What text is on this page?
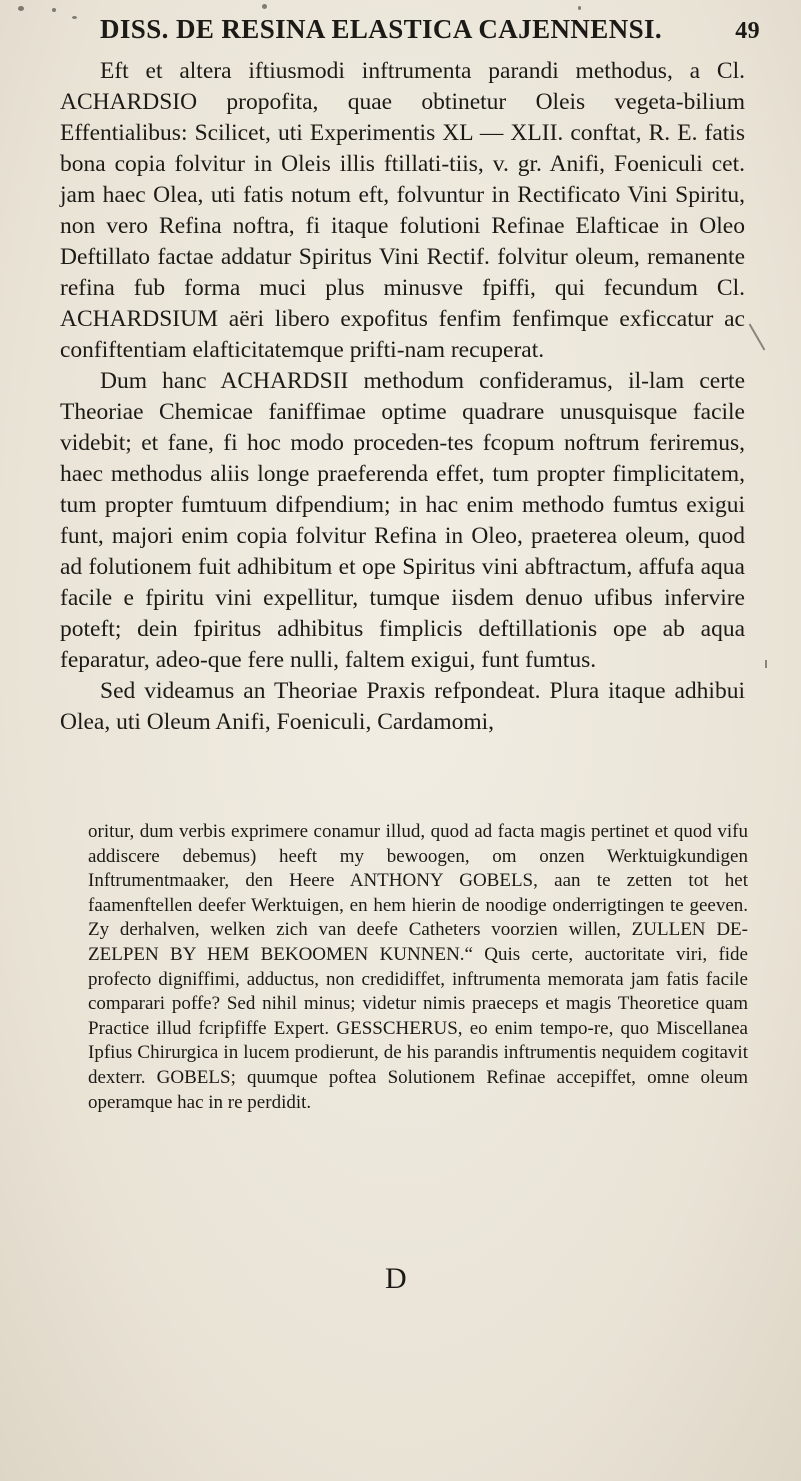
DISS. DE RESINA ELASTICA CAJENNENSI.	49

Eft et altera iftiusmodi inftrumenta parandi methodus, a Cl. ACHARDSIO propofita, quae obtinetur Oleis vegeta-bilium Effentialibus: Scilicet, uti Experimentis XL — XLII. conftat, R. E. fatis bona copia folvitur in Oleis illis ftillati-tiis, v. gr. Anifi, Foeniculi cet. jam haec Olea, uti fatis notum eft, folvuntur in Rectificato Vini Spiritu, non vero Refina noftra, fi itaque folutioni Refinae Elafticae in Oleo Deftillato factae addatur Spiritus Vini Rectif. folvitur oleum, remanente refina fub forma muci plus minusve fpiffi, qui fecundum Cl. ACHARDSIUM aëri libero expofitus fenfim fenfimque exficcatur ac confiftentiam elafticitatemque prifti-nam recuperat.

Dum hanc ACHARDSII methodum confideramus, il-lam certe Theoriae Chemicae faniffimae optime quadrare unusquisque facile videbit; et fane, fi hoc modo proceden-tes fcopum noftrum feriremus, haec methodus aliis longe praeferenda effet, tum propter fimplicitatem, tum propter fumtuum difpendium; in hac enim methodo fumtus exigui funt, majori enim copia folvitur Refina in Oleo, praeterea oleum, quod ad folutionem fuit adhibitum et ope Spiritus vini abftractum, affufa aqua facile e fpiritu vini expellitur, tumque iisdem denuo ufibus infervire poteft; dein fpiritus adhibitus fimplicis deftillationis ope ab aqua feparatur, adeo-que fere nulli, faltem exigui, funt fumtus.

Sed videamus an Theoriae Praxis refpondeat. Plura itaque adhibui Olea, uti Oleum Anifi, Foeniculi, Cardamomi,

oritur, dum verbis exprimere conamur illud, quod ad facta magis pertinet et quod vifu addiscere debemus) heeft my bewoogen, om onzen Werktuigkundigen Inftrumentmaaker, den Heere ANTHONY GOBELS, aan te zetten tot het faamenftellen deefer Werktuigen, en hem hierin de noodige onderrigtingen te geeven. Zy derhalven, welken zich van deefe Catheters voorzien willen, ZULLEN DE-ZELPEN BY HEM BEKOOMEN KUNNEN.“ Quis certe, auctoritate viri, fide profecto digniffimi, adductus, non credidiffet, inftrumenta memorata jam fatis facile comparari poffe? Sed nihil minus; videtur nimis praeceps et magis Theoretice quam Practice illud fcripfiffe Expert. GESSCHERUS, eo enim tempo-re, quo Miscellanea Ipfius Chirurgica in lucem prodierunt, de his parandis inftrumentis nequidem cogitavit dexterr. GOBELS; quumque poftea Solutionem Refinae accepiffet, omne oleum operamque hac in re perdidit.

D
